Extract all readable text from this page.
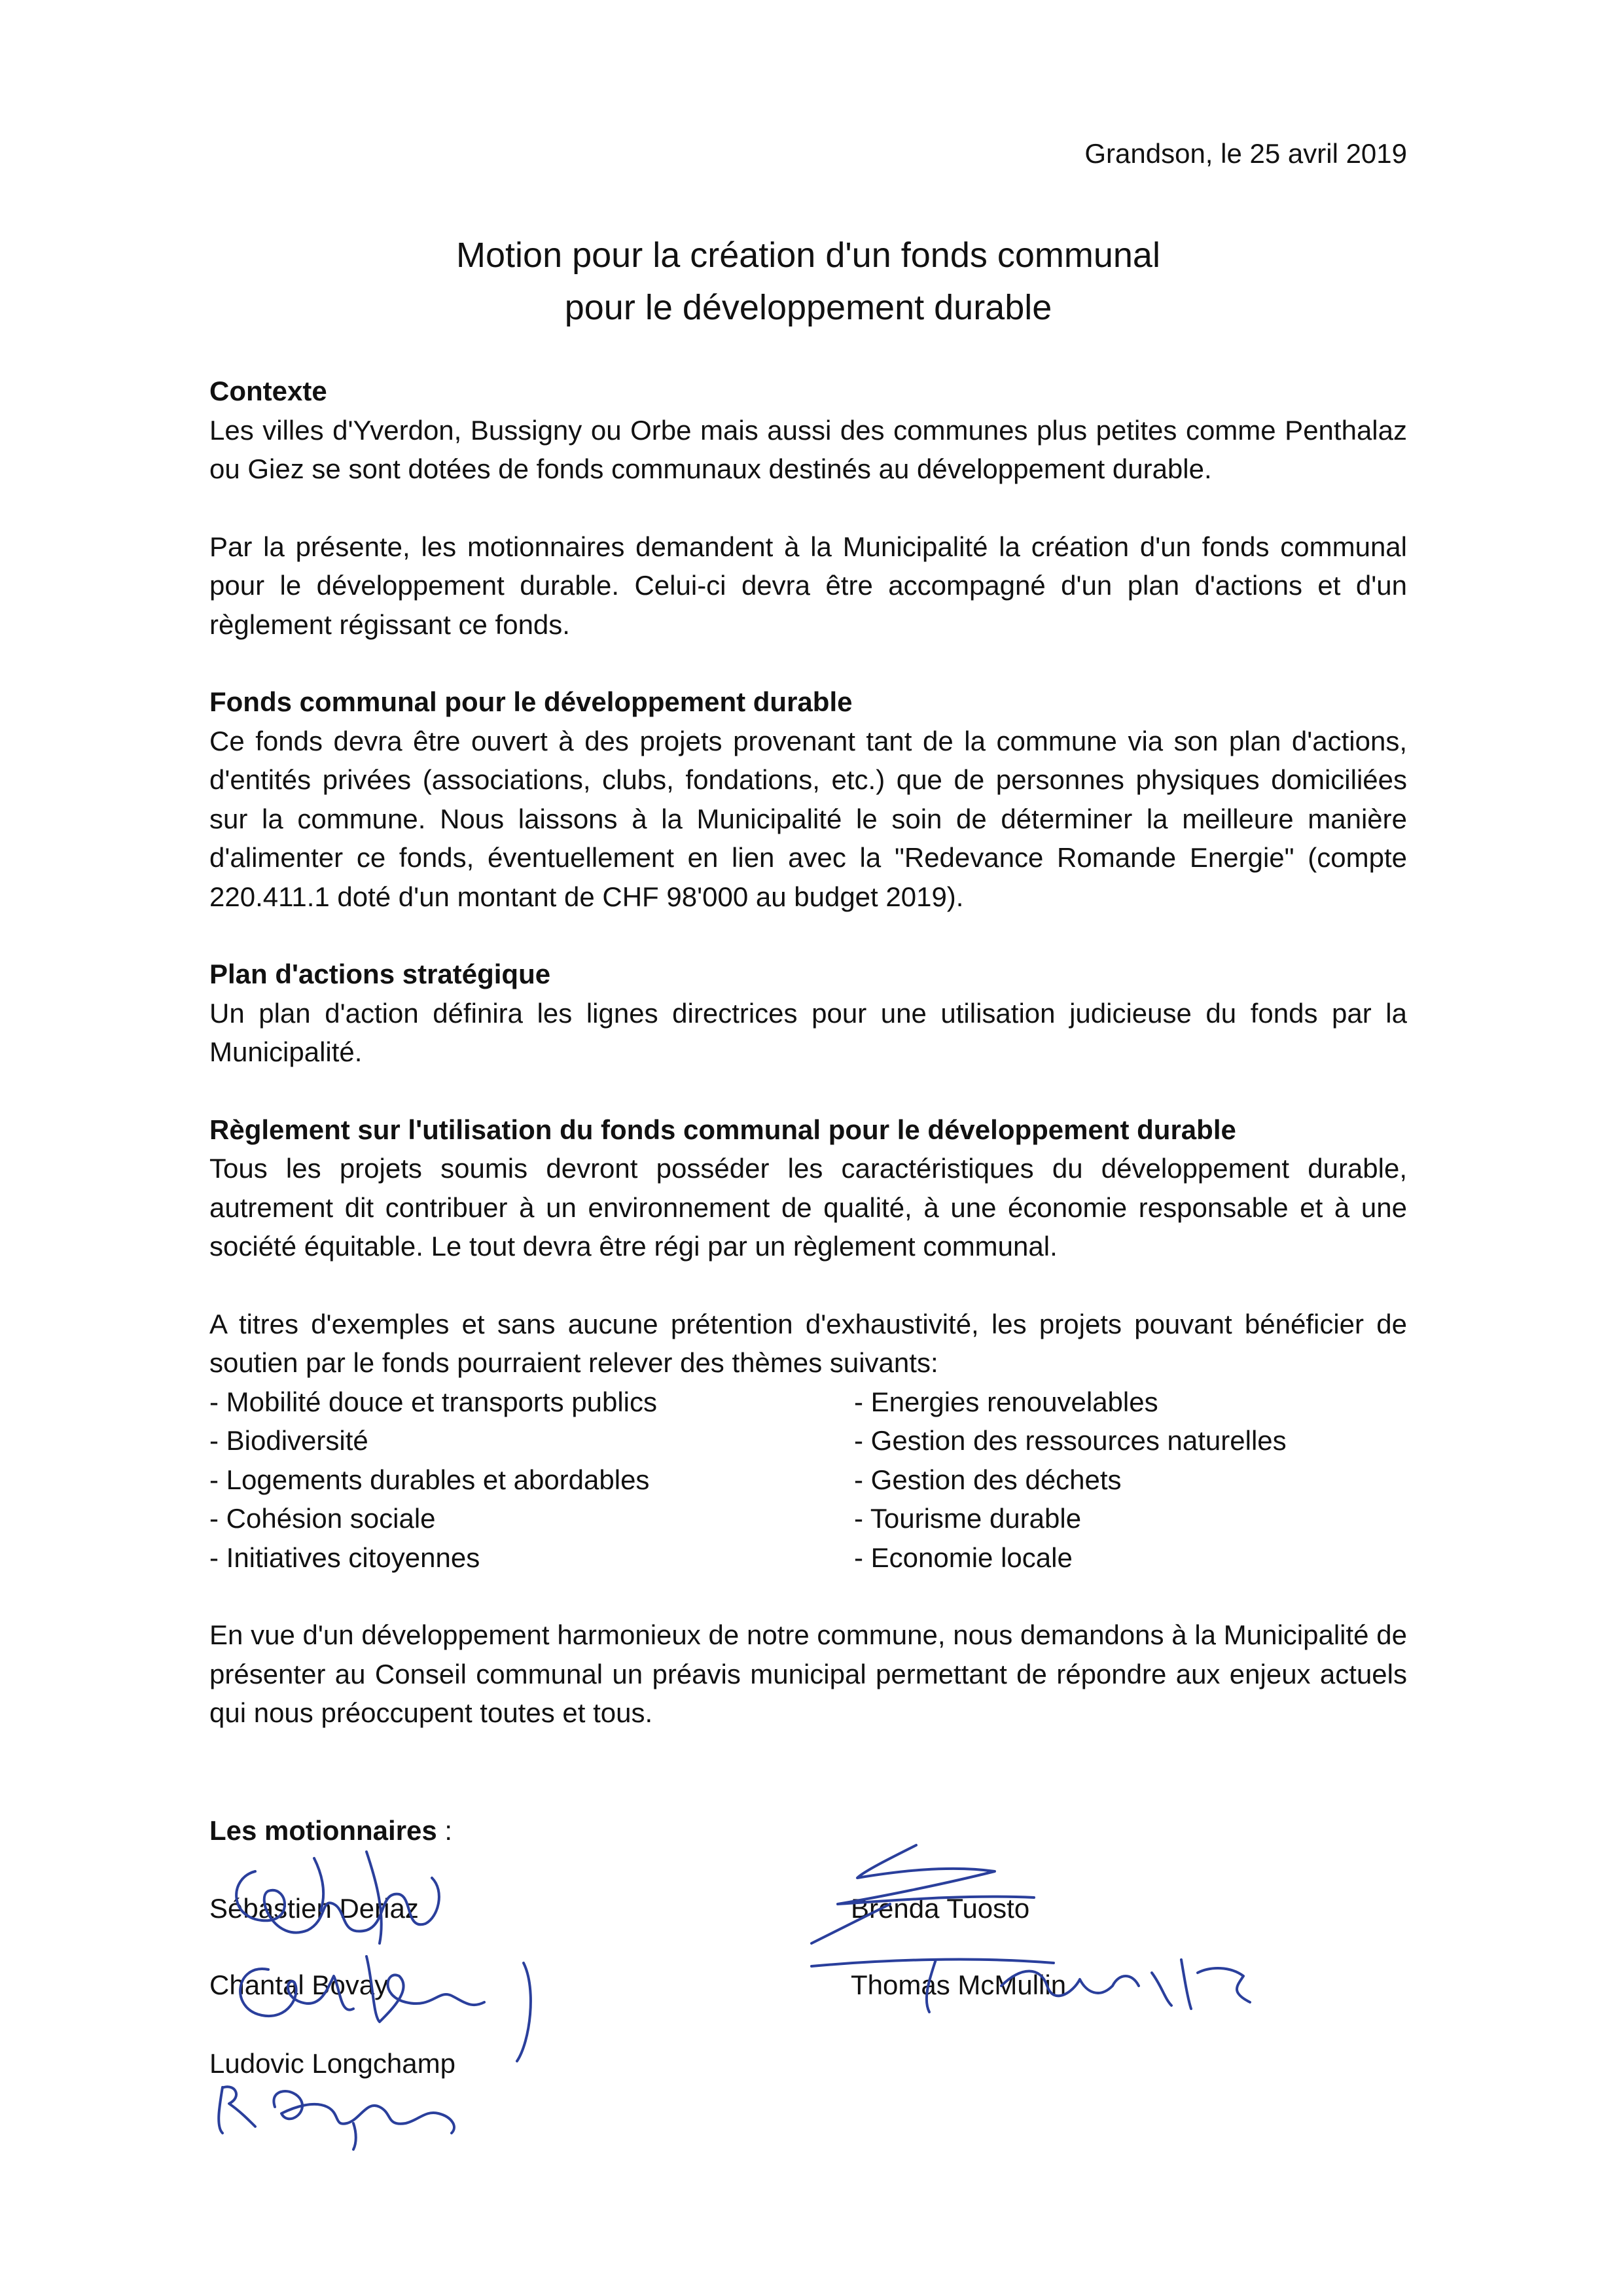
Grandson, le 25 avril 2019
Motion pour la création d'un fonds communal
pour le développement durable
Contexte

Les villes d'Yverdon, Bussigny ou Orbe mais aussi des communes plus petites comme Penthalaz ou Giez se sont dotées de fonds communaux destinés au développement durable.

Par la présente, les motionnaires demandent à la Municipalité la création d'un fonds communal pour le développement durable. Celui-ci devra être accompagné d'un plan d'actions et d'un règlement régissant ce fonds.

Fonds communal pour le développement durable

Ce fonds devra être ouvert à des projets provenant tant de la commune via son plan d'actions, d'entités privées (associations, clubs, fondations, etc.) que de personnes physiques domiciliées sur la commune. Nous laissons à la Municipalité le soin de déterminer la meilleure manière d'alimenter ce fonds, éventuellement en lien avec la "Redevance Romande Energie" (compte 220.411.1 doté d'un montant de CHF 98'000 au budget 2019).

Plan d'actions stratégique

Un plan d'action définira les lignes directrices pour une utilisation judicieuse du fonds par la Municipalité.

Règlement sur l'utilisation du fonds communal pour le développement durable

Tous les projets soumis devront posséder les caractéristiques du développement durable, autrement dit contribuer à un environnement de qualité, à une économie responsable et à une société équitable. Le tout devra être régi par un règlement communal.

A titres d'exemples et sans aucune prétention d'exhaustivité, les projets pouvant bénéficier de soutien par le fonds pourraient relever des thèmes suivants:

- Mobilité douce et transports publics
- Biodiversité
- Logements durables et abordables
- Cohésion sociale
- Initiatives citoyennes
- Energies renouvelables
- Gestion des ressources naturelles
- Gestion des déchets
- Tourisme durable
- Economie locale

En vue d'un développement harmonieux de notre commune, nous demandons à la Municipalité de présenter au Conseil communal un préavis municipal permettant de répondre aux enjeux actuels qui nous préoccupent toutes et tous.

Les motionnaires :
Sébastien Deriaz
Chantal Bovay
Ludovic Longchamp
Brenda Tuosto
Thomas McMullin
